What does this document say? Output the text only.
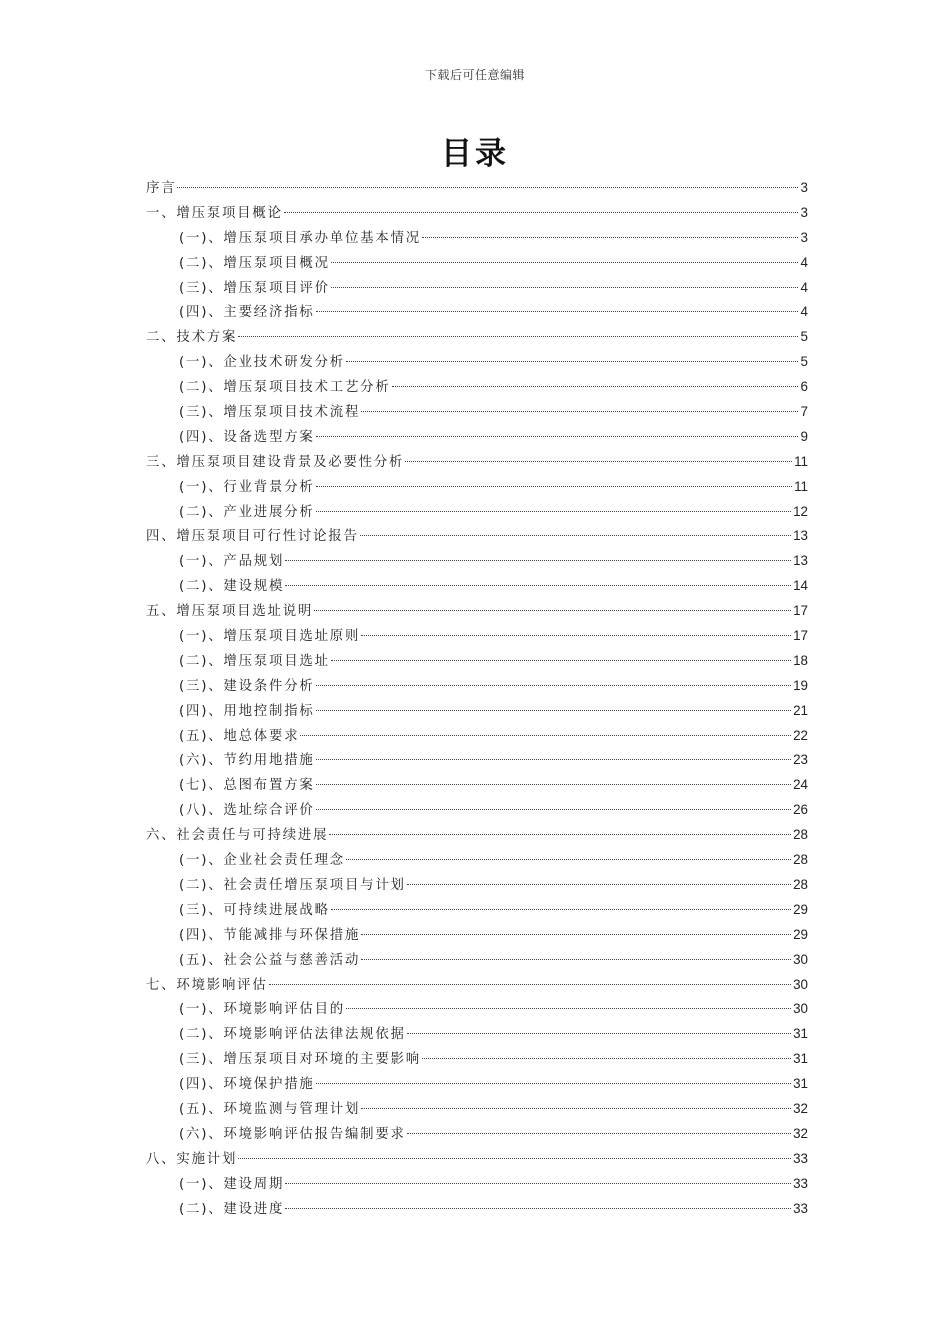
下载后可任意编辑
目录
序言	3
一、增压泵项目概论	3
(一)、增压泵项目承办单位基本情况	3
(二)、增压泵项目概况	4
(三)、增压泵项目评价	4
(四)、主要经济指标	4
二、技术方案	5
(一)、企业技术研发分析	5
(二)、增压泵项目技术工艺分析	6
(三)、增压泵项目技术流程	7
(四)、设备选型方案	9
三、增压泵项目建设背景及必要性分析	11
(一)、行业背景分析	11
(二)、产业进展分析	12
四、增压泵项目可行性讨论报告	13
(一)、产品规划	13
(二)、建设规模	14
五、增压泵项目选址说明	17
(一)、增压泵项目选址原则	17
(二)、增压泵项目选址	18
(三)、建设条件分析	19
(四)、用地控制指标	21
(五)、地总体要求	22
(六)、节约用地措施	23
(七)、总图布置方案	24
(八)、选址综合评价	26
六、社会责任与可持续进展	28
(一)、企业社会责任理念	28
(二)、社会责任增压泵项目与计划	28
(三)、可持续进展战略	29
(四)、节能减排与环保措施	29
(五)、社会公益与慈善活动	30
七、环境影响评估	30
(一)、环境影响评估目的	30
(二)、环境影响评估法律法规依据	31
(三)、增压泵项目对环境的主要影响	31
(四)、环境保护措施	31
(五)、环境监测与管理计划	32
(六)、环境影响评估报告编制要求	32
八、实施计划	33
(一)、建设周期	33
(二)、建设进度	33
